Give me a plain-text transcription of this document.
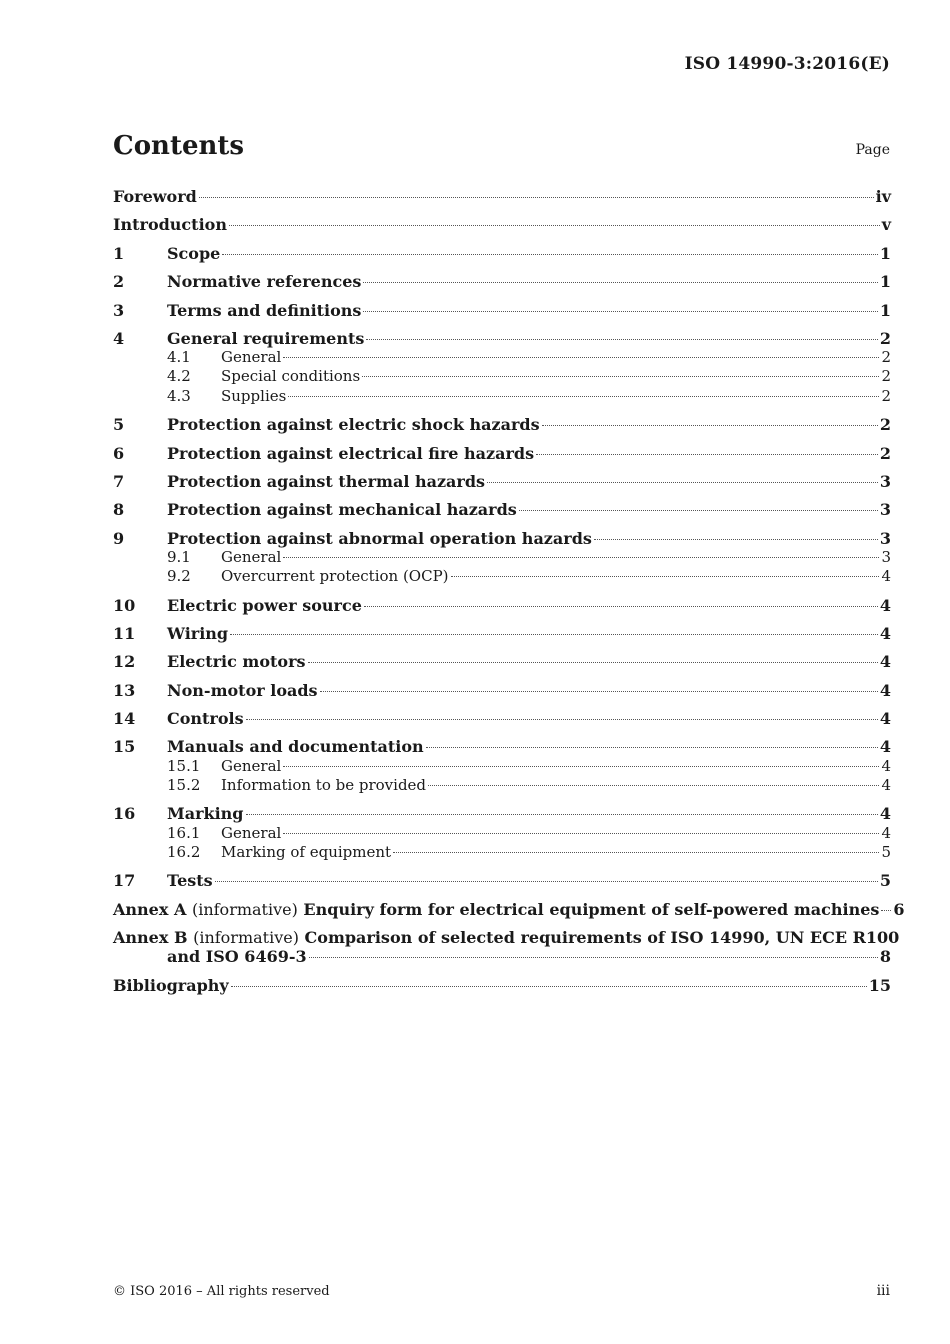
ISO 14990-3:2016(E)
Contents	Page
Foreword	iv
Introduction	v
1	Scope	1
2	Normative references	1
3	Terms and definitions	1
4	General requirements	2
4.1	General	2
4.2	Special conditions	2
4.3	Supplies	2
5	Protection against electric shock hazards	2
6	Protection against electrical fire hazards	2
7	Protection against thermal hazards	3
8	Protection against mechanical hazards	3
9	Protection against abnormal operation hazards	3
9.1	General	3
9.2	Overcurrent protection (OCP)	4
10	Electric power source	4
11	Wiring	4
12	Electric motors	4
13	Non-motor loads	4
14	Controls	4
15	Manuals and documentation	4
15.1	General	4
15.2	Information to be provided	4
16	Marking	4
16.1	General	4
16.2	Marking of equipment	5
17	Tests	5
Annex A (informative) Enquiry form for electrical equipment of self-powered machines 6
Annex B (informative) Comparison of selected requirements of ISO 14990, UN ECE R100
and ISO 6469-3	8
Bibliography	15
© ISO 2016 – All rights reserved	iii
